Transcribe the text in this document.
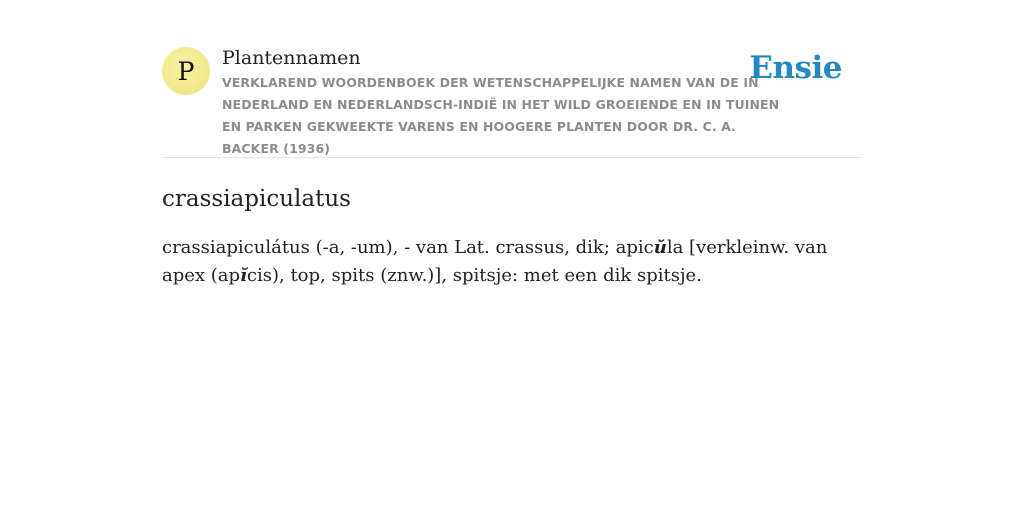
P Plantennamen
VERKLAREND WOORDENBOEK DER WETENSCHAPPELIJKE NAMEN VAN DE IN NEDERLAND EN NEDERLANDSCH-INDIË IN HET WILD GROEIENDE EN IN TUINEN EN PARKEN GEKWEEKTE VARENS EN HOOGERE PLANTEN DOOR DR. C. A. BACKER (1936)
Ensie
crassiapiculatus

crassiapiculátus (-a, -um), - van Lat. crassus, dik; apicŭla [verkleinw. van apex (apĭcis), top, spits (znw.)], spitsje: met een dik spitsje.
